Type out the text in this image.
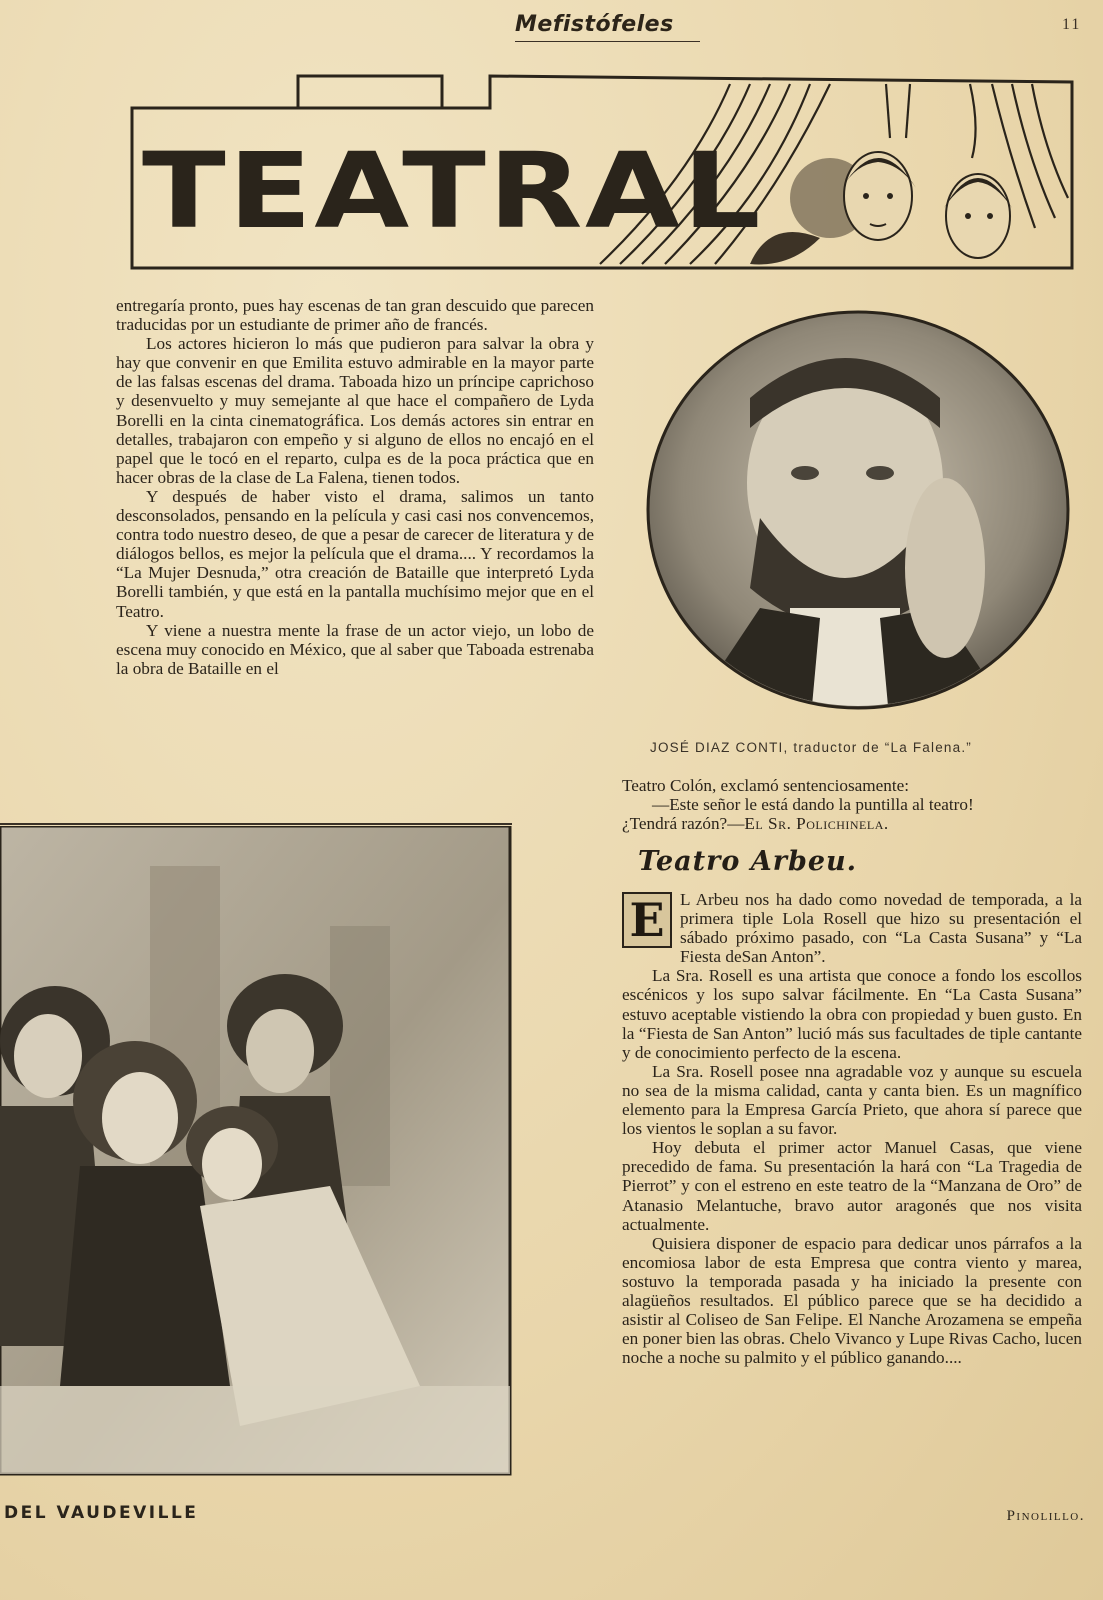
Mefistófeles	11
TEATRAL

entregaría pronto, pues hay escenas de tan gran descuido que parecen traducidas por un estudiante de primer año de francés.

Los actores hicieron lo más que pudieron para salvar la obra y hay que convenir en que Emilita estuvo admirable en la mayor parte de las falsas escenas del drama. Taboada hizo un príncipe caprichoso y desenvuelto y muy semejante al que hace el compañero de Lyda Borelli en la cinta cinematográfica. Los demás actores sin entrar en detalles, trabajaron con empeño y si alguno de ellos no encajó en el papel que le tocó en el reparto, culpa es de la poca práctica que en hacer obras de la clase de La Falena, tienen todos.

Y después de haber visto el drama, salimos un tanto desconsolados, pensando en la película y casi casi nos convencemos, contra todo nuestro deseo, de que a pesar de carecer de literatura y de diálogos bellos, es mejor la película que el drama.... Y recordamos la “La Mujer Desnuda,” otra creación de Bataille que interpretó Lyda Borelli también, y que está en la pantalla muchísimo mejor que en el Teatro.

Y viene a nuestra mente la frase de un actor viejo, un lobo de escena muy conocido en México, que al saber que Taboada estrenaba la obra de Bataille en el

JOSÉ DIAZ CONTI, traductor de “La Falena.”

Teatro Colón, exclamó sentenciosamente:

—Este señor le está dando la puntilla al teatro!

¿Tendrá razón?—El Sr. Polichinela.

Teatro Arbeu.
E L Arbeu nos ha dado como novedad de temporada, a la primera tiple Lola Rosell que hizo su presentación el sábado próximo pasado, con “La Casta Susana” y “La Fiesta deSan Anton”.

La Sra. Rosell es una artista que conoce a fondo los escollos escénicos y los supo salvar fácilmente. En “La Casta Susana” estuvo aceptable vistiendo la obra con propiedad y buen gusto. En la “Fiesta de San Anton” lució más sus facultades de tiple cantante y de conocimiento perfecto de la escena.

La Sra. Rosell posee nna agradable voz y aunque su escuela no sea de la misma calidad, canta y canta bien. Es un magnífico elemento para la Empresa García Prieto, que ahora sí parece que los vientos le soplan a su favor.

Hoy debuta el primer actor Manuel Casas, que viene precedido de fama. Su presentación la hará con “La Tragedia de Pierrot” y con el estreno en este teatro de la “Manzana de Oro” de Atanasio Melantuche, bravo autor aragonés que nos visita actualmente.

Quisiera disponer de espacio para dedicar unos párrafos a la encomiosa labor de esta Empresa que contra viento y marea, sostuvo la temporada pasada y ha iniciado la presente con alagüeños resultados. El público parece que se ha decidido a asistir al Coliseo de San Felipe. El Nanche Arozamena se empeña en poner bien las obras. Chelo Vivanco y Lupe Rivas Cacho, lucen noche a noche su palmito y el público ganando....

Pinolillo.
DEL VAUDEVILLE
